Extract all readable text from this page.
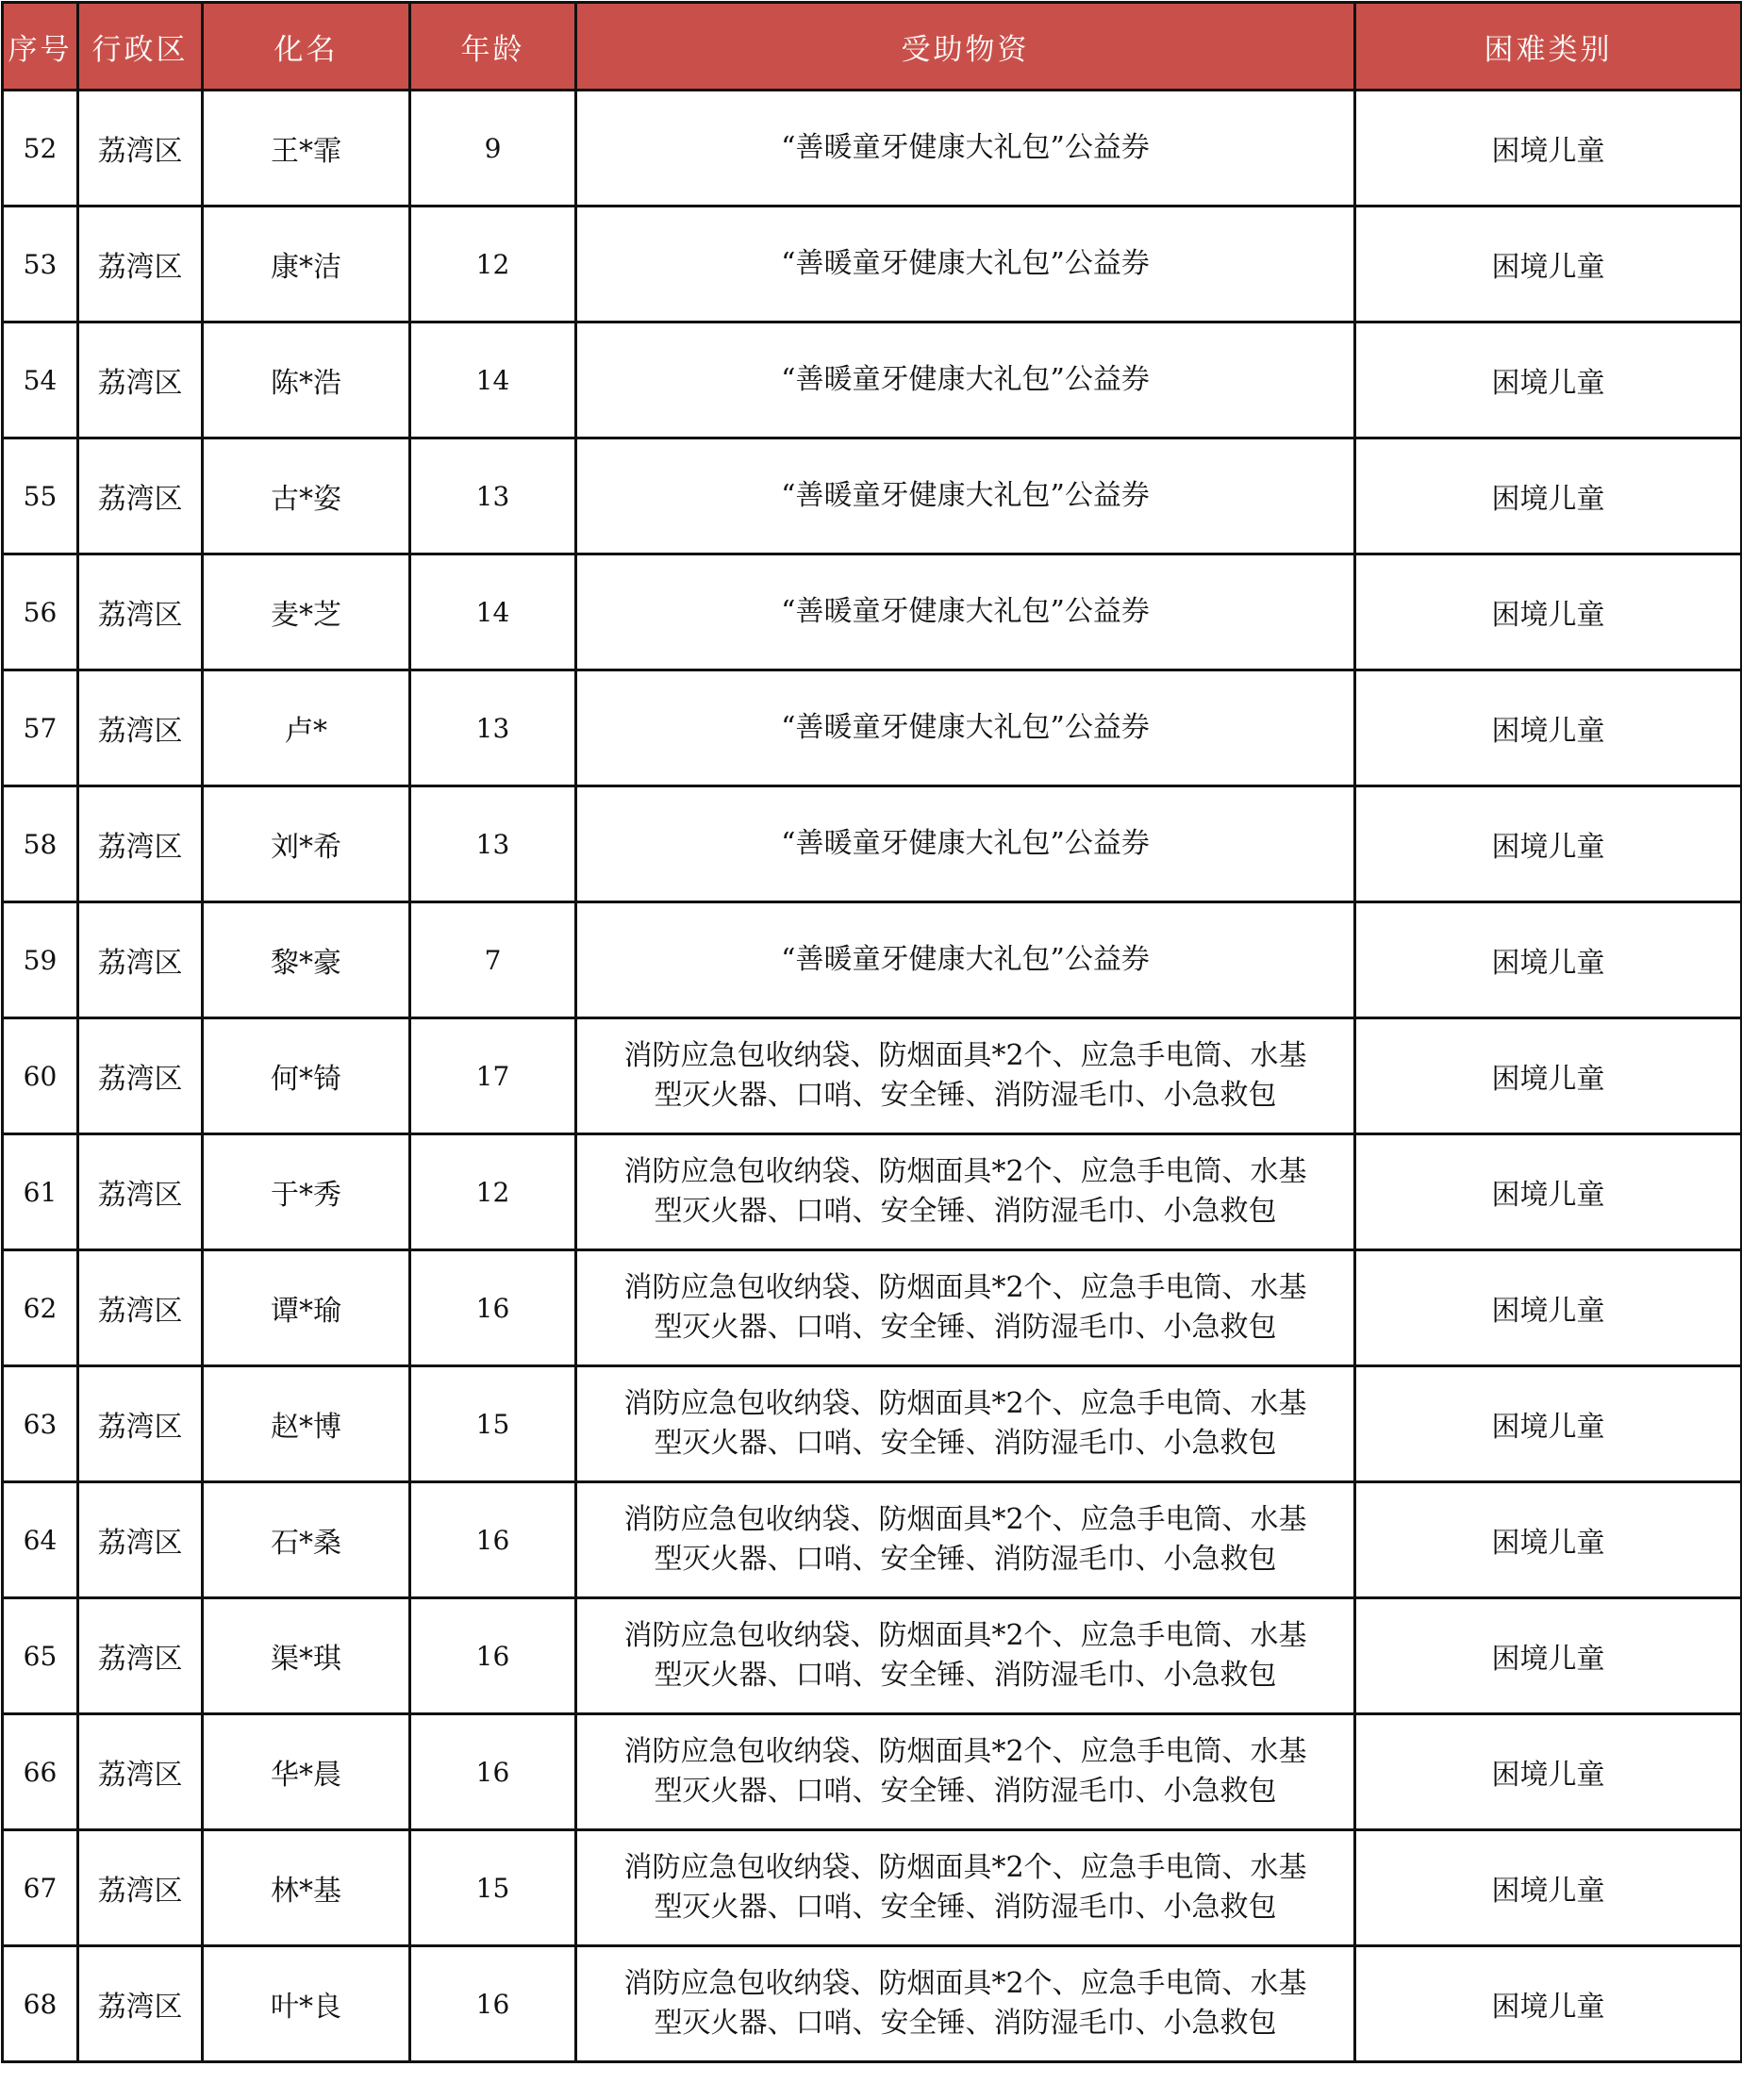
序号	行政区	化名	年龄	受助物资	困难类别
52	荔湾区	王*霏	9	“善暖童牙健康大礼包”公益券	困境儿童
53	荔湾区	康*洁	12	“善暖童牙健康大礼包”公益券	困境儿童
54	荔湾区	陈*浩	14	“善暖童牙健康大礼包”公益券	困境儿童
55	荔湾区	古*姿	13	“善暖童牙健康大礼包”公益券	困境儿童
56	荔湾区	麦*芝	14	“善暖童牙健康大礼包”公益券	困境儿童
57	荔湾区	卢*	13	“善暖童牙健康大礼包”公益券	困境儿童
58	荔湾区	刘*希	13	“善暖童牙健康大礼包”公益券	困境儿童
59	荔湾区	黎*豪	7	“善暖童牙健康大礼包”公益券	困境儿童
60	荔湾区	何*锜	17	消防应急包收纳袋、防烟面具*2个、应急手电筒、水基
型灭火器、口哨、安全锤、消防湿毛巾、小急救包	困境儿童
61	荔湾区	于*秀	12	消防应急包收纳袋、防烟面具*2个、应急手电筒、水基
型灭火器、口哨、安全锤、消防湿毛巾、小急救包	困境儿童
62	荔湾区	谭*瑜	16	消防应急包收纳袋、防烟面具*2个、应急手电筒、水基
型灭火器、口哨、安全锤、消防湿毛巾、小急救包	困境儿童
63	荔湾区	赵*博	15	消防应急包收纳袋、防烟面具*2个、应急手电筒、水基
型灭火器、口哨、安全锤、消防湿毛巾、小急救包	困境儿童
64	荔湾区	石*桑	16	消防应急包收纳袋、防烟面具*2个、应急手电筒、水基
型灭火器、口哨、安全锤、消防湿毛巾、小急救包	困境儿童
65	荔湾区	渠*琪	16	消防应急包收纳袋、防烟面具*2个、应急手电筒、水基
型灭火器、口哨、安全锤、消防湿毛巾、小急救包	困境儿童
66	荔湾区	华*晨	16	消防应急包收纳袋、防烟面具*2个、应急手电筒、水基
型灭火器、口哨、安全锤、消防湿毛巾、小急救包	困境儿童
67	荔湾区	林*基	15	消防应急包收纳袋、防烟面具*2个、应急手电筒、水基
型灭火器、口哨、安全锤、消防湿毛巾、小急救包	困境儿童
68	荔湾区	叶*良	16	消防应急包收纳袋、防烟面具*2个、应急手电筒、水基
型灭火器、口哨、安全锤、消防湿毛巾、小急救包	困境儿童
